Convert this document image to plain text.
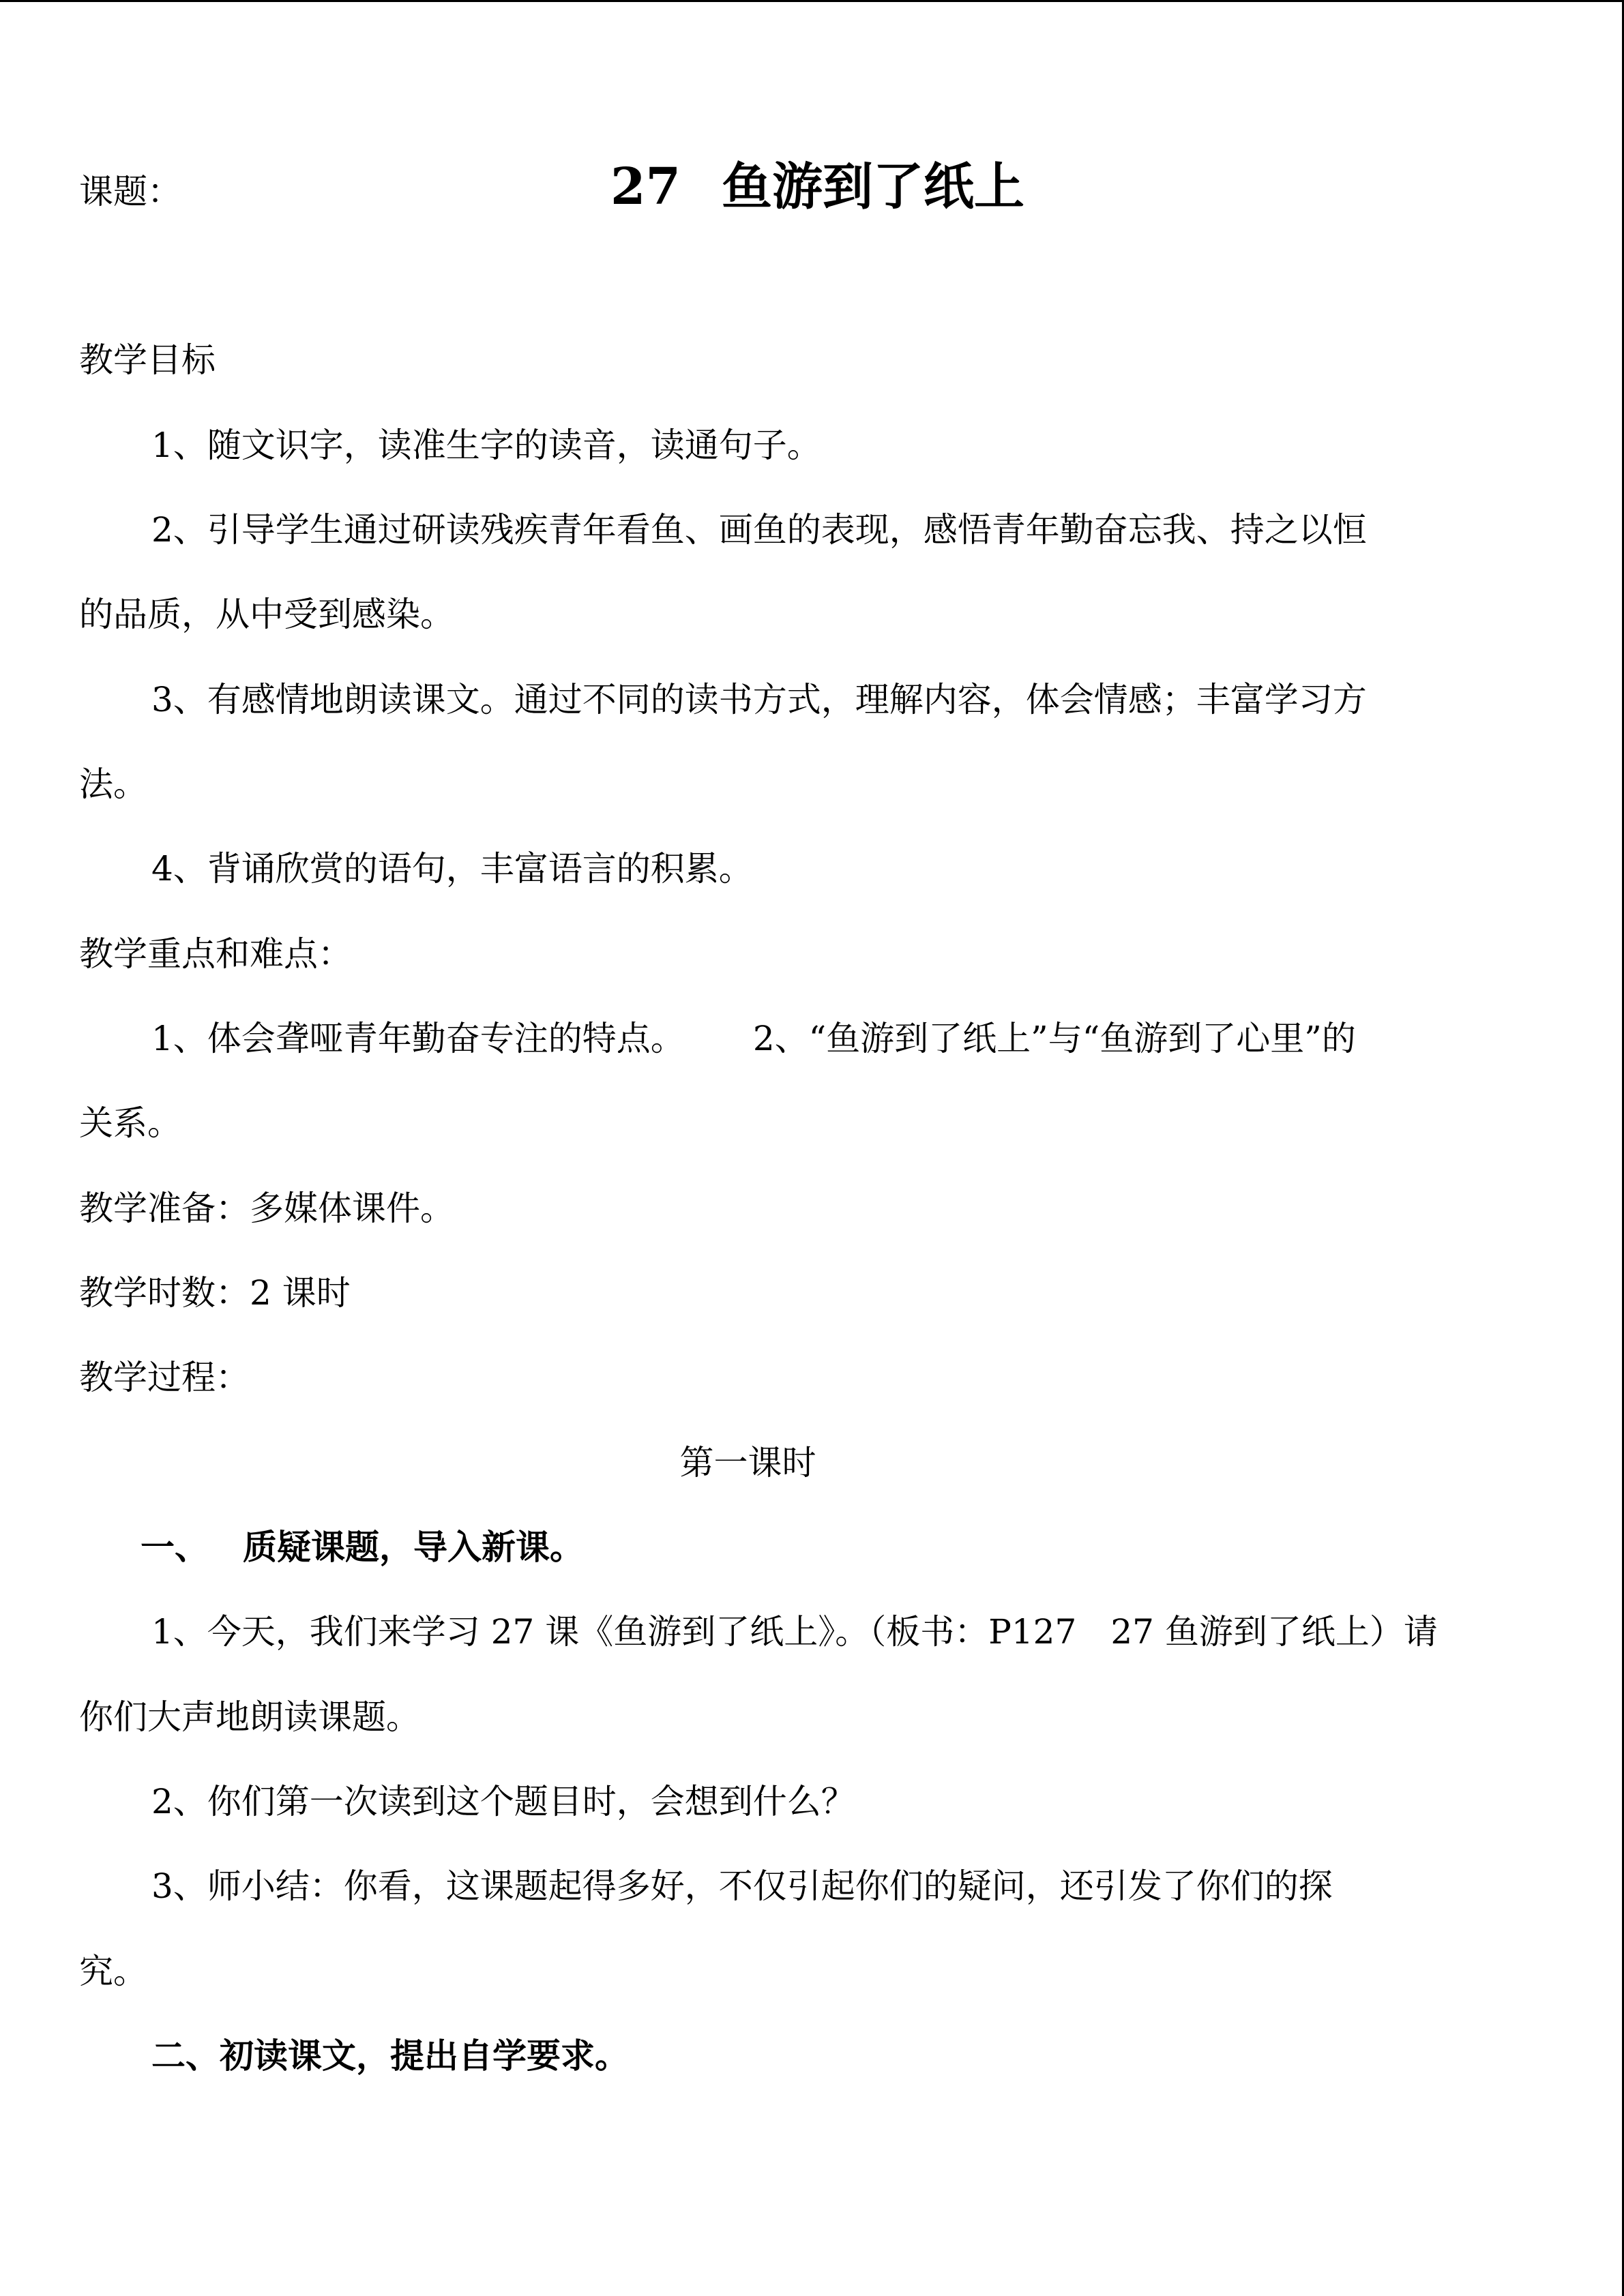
课题：	27 鱼游到了纸上
教学目标
1、随文识字，读准生字的读音，读通句子。
2、引导学生通过研读残疾青年看鱼、画鱼的表现，感悟青年勤奋忘我、持之以恒
的品质，从中受到感染。
3、有感情地朗读课文。通过不同的读书方式，理解内容，体会情感；丰富学习方
法。
4、背诵欣赏的语句，丰富语言的积累。
教学重点和难点：
1、体会聋哑青年勤奋专注的特点。 2、“鱼游到了纸上”与“鱼游到了心里”的
关系。
教学准备：多媒体课件。
教学时数：2 课时
教学过程：
第一课时
一、 质疑课题，导入新课。
1、今天，我们来学习 27 课《鱼游到了纸上》。（板书：P127 27 鱼游到了纸上）请
你们大声地朗读课题。
2、你们第一次读到这个题目时，会想到什么？
3、师小结：你看，这课题起得多好，不仅引起你们的疑问，还引发了你们的探
究。
二、初读课文，提出自学要求。
